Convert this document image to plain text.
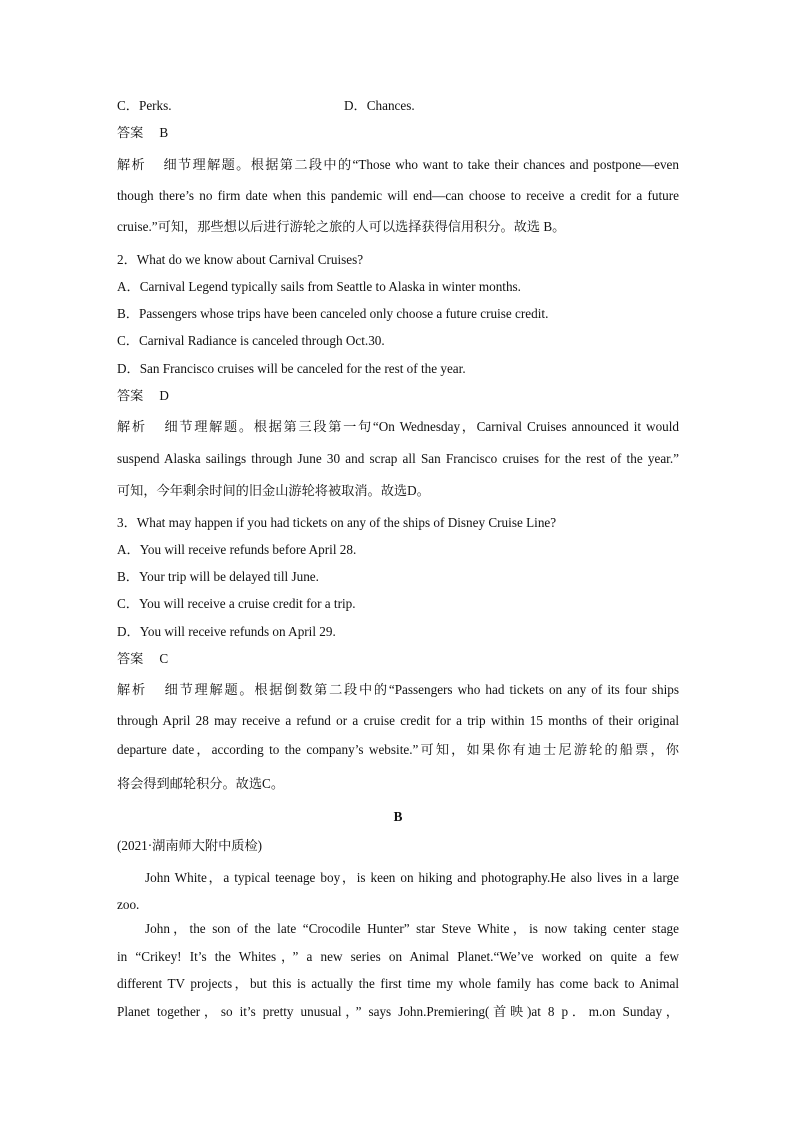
C．Perks.	D．Chances.
答案 B
解析 细节理解题。根据第二段中的“Those who want to take their chances and postpone—even
though there’s no firm date when this pandemic will end—can choose to receive a credit for a future
cruise.”可知，那些想以后进行游轮之旅的人可以选择获得信用积分。故选 B。
2．What do we know about Carnival Cruises?
A．Carnival Legend typically sails from Seattle to Alaska in winter months.
B．Passengers whose trips have been canceled only choose a future cruise credit.
C．Carnival Radiance is canceled through Oct.30.
D．San Francisco cruises will be canceled for the rest of the year.
答案 D
解析 细节理解题。根据第三段第一句“On Wednesday，Carnival Cruises announced it would
suspend Alaska sailings through June 30 and scrap all San Francisco cruises for the rest of the year.”
可知，今年剩余时间的旧金山游轮将被取消。故选D。
3．What may happen if you had tickets on any of the ships of Disney Cruise Line?
A．You will receive refunds before April 28.
B．Your trip will be delayed till June.
C．You will receive a cruise credit for a trip.
D．You will receive refunds on April 29.
答案 C
解析 细节理解题。根据倒数第二段中的“Passengers who had tickets on any of its four ships
through April 28 may receive a refund or a cruise credit for a trip within 15 months of their original
departure date，according to the company’s website.”可知，如果你有迪士尼游轮的船票，你
将会得到邮轮积分。故选C。
B
(2021·湖南师大附中质检)
John White，a typical teenage boy，is keen on hiking and photography.He also lives in a large
zoo.
John，the son of the late “Crocodile Hunter” star Steve White，is now taking center stage
in “Crikey! It’s the Whites，” a new series on Animal Planet.“We’ve worked on quite a few
different TV projects，but this is actually the first time my whole family has come back to Animal
Planet together，so it’s pretty unusual，” says John.Premiering(首映)at 8 p．m.on Sunday，
